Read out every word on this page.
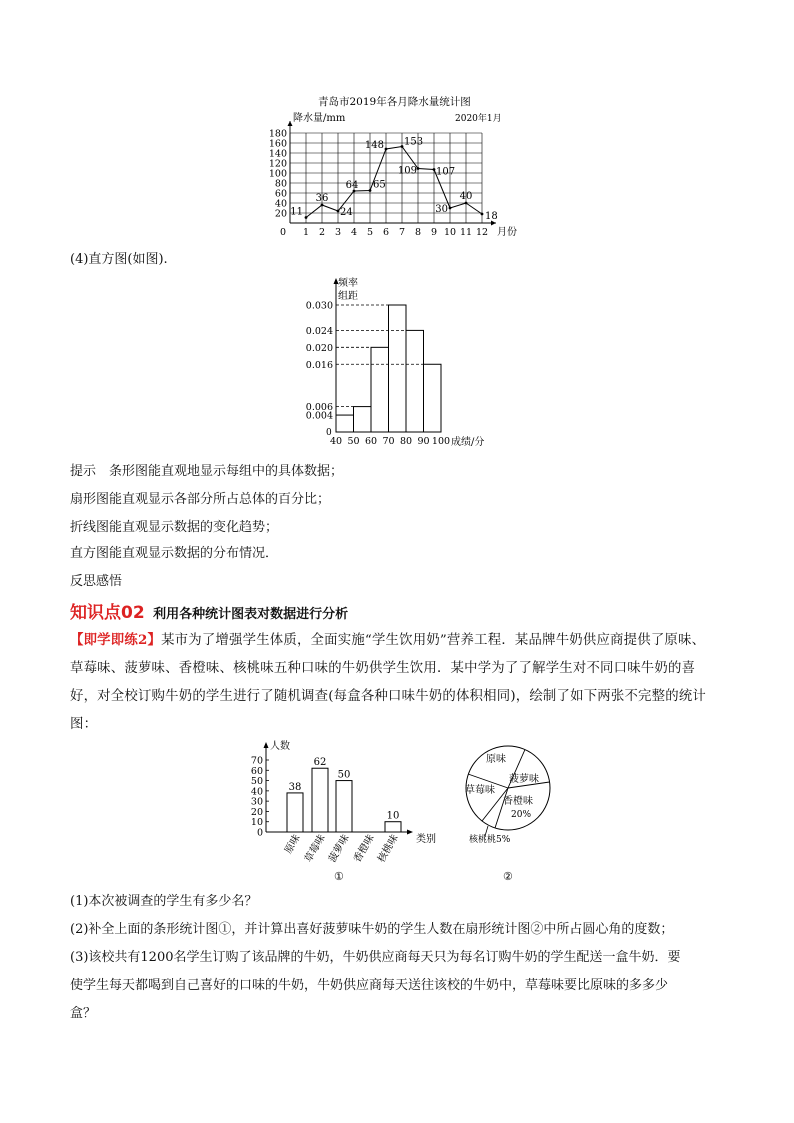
青岛市2019年各月降水量统计图
降水量/mm	2020年1月
20
40
60
80
100
120
140
160
180
0 1 2 3 4 5 6 7 8 9 10 11 12
11
36
24
64 65
148 153
109 107
30
40
18
月份
(4)直方图(如图).
频率
组距
0.030
0.024
0.020
0.016
0.006
0.004
40 50 60 70 80 90 100
0
成绩/分
提示　条形图能直观地显示每组中的具体数据；
扇形图能直观显示各部分所占总体的百分比；
折线图能直观显示数据的变化趋势；
直方图能直观显示数据的分布情况．
反思感悟
知识点02 利用各种统计图表对数据进行分析
【即学即练2】某市为了增强学生体质，全面实施“学生饮用奶”营养工程．某品牌牛奶供应商提供了原味、
草莓味、菠萝味、香橙味、核桃味五种口味的牛奶供学生饮用．某中学为了了解学生对不同口味牛奶的喜
好，对全校订购牛奶的学生进行了随机调查(每盒各种口味牛奶的体积相同)，绘制了如下两张不完整的统计
图：
人数
0
10
20
30
40
50
60
70
38
62
50
10
原味 草莓味 菠萝味 香橙味 核桃味 类别
①
原味
菠萝味
香橙味
20%
草莓味
核桃桃5%
②
(1)本次被调查的学生有多少名？
(2)补全上面的条形统计图①，并计算出喜好菠萝味牛奶的学生人数在扇形统计图②中所占圆心角的度数；
(3)该校共有1200名学生订购了该品牌的牛奶，牛奶供应商每天只为每名订购牛奶的学生配送一盒牛奶．要
使学生每天都喝到自己喜好的口味的牛奶，牛奶供应商每天送往该校的牛奶中，草莓味要比原味的多多少
盒？
